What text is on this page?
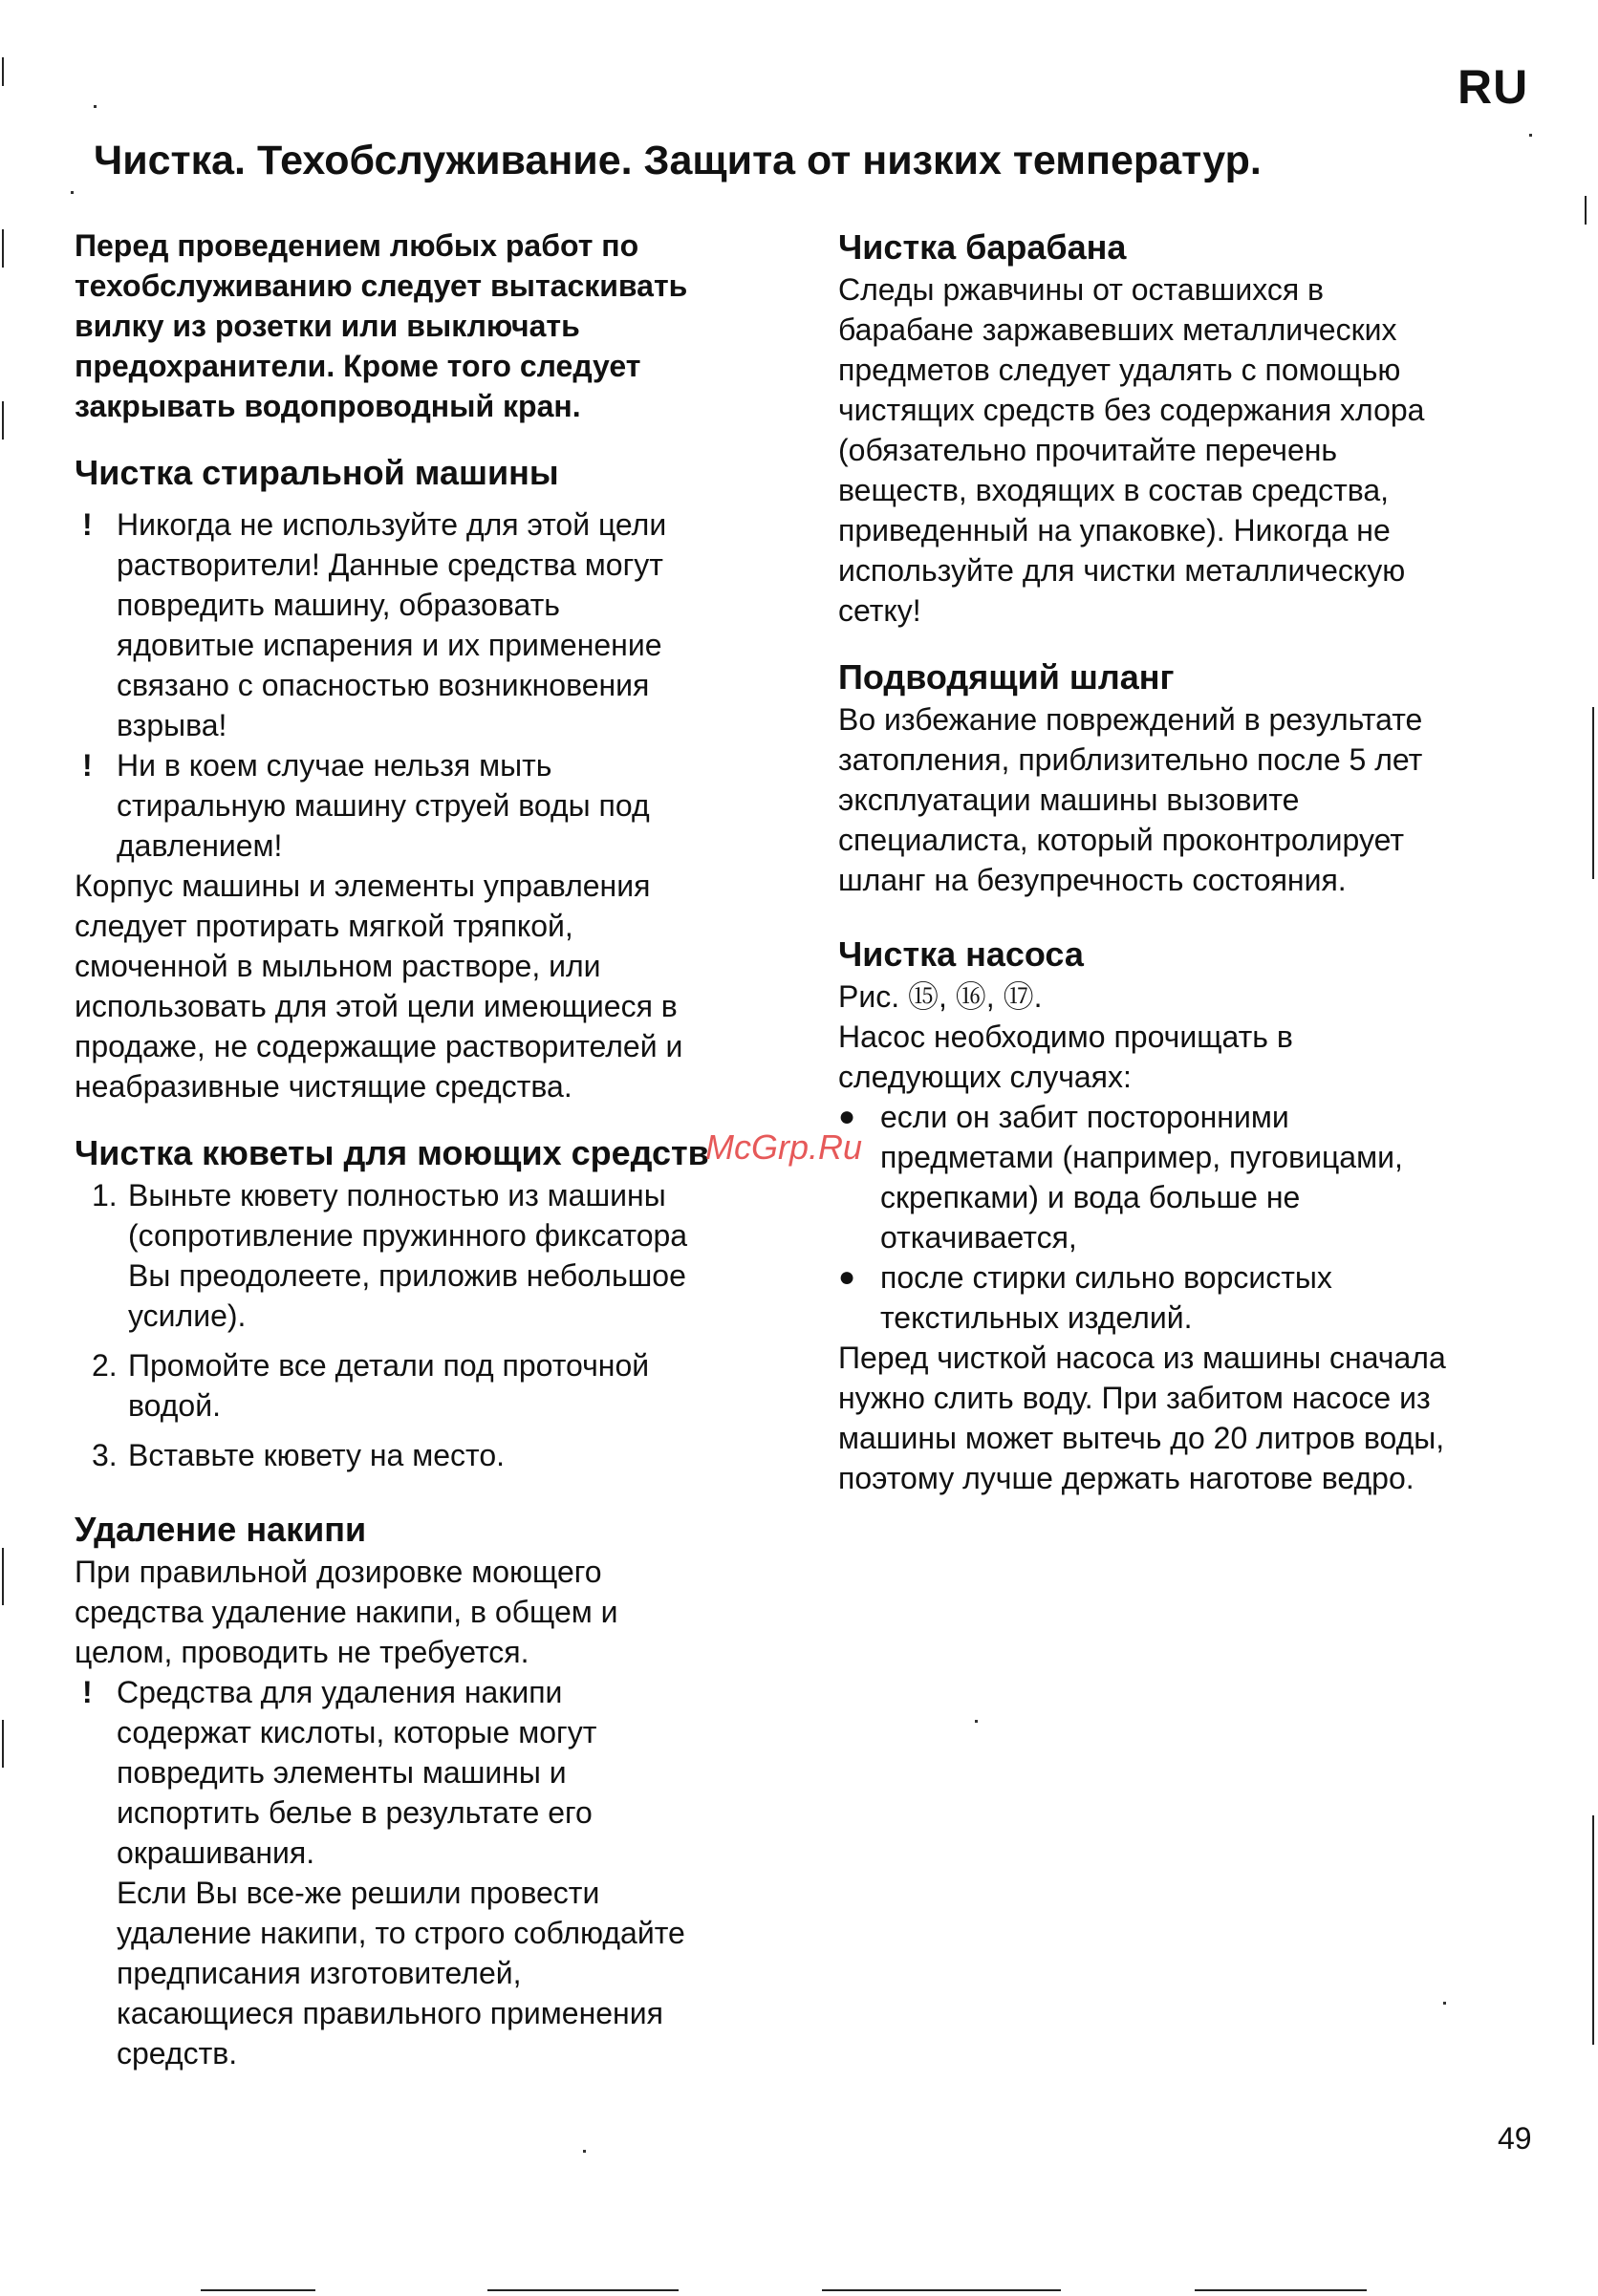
RU
Чистка. Техобслуживание. Защита от низких температур.

Перед проведением любых работ по

техобслуживанию следует вытаскивать

вилку из розетки или выключать

предохранители. Кроме того следует

закрывать водопроводный кран.

Чистка стиральной машины
! Никогда не используйте для этой цели

растворители! Данные средства могут

повредить машину, образовать

ядовитые испарения и их применение

связано с опасностью возникновения

взрыва!

! Ни в коем случае нельзя мыть

стиральную машину струей воды под

давлением!

Корпус машины и элементы управления

следует протирать мягкой тряпкой,

смоченной в мыльном растворе, или

использовать для этой цели имеющиеся в

продаже, не содержащие растворителей и

неабразивные чистящие средства.

Чистка кюветы для моющих средств
1. Выньте кювету полностью из машины

(сопротивление пружинного фиксатора

Вы преодолеете, приложив небольшое

усилие).

2. Промойте все детали под проточной

водой.

3. Вставьте кювету на место.

Удаление накипи

При правильной дозировке моющего

средства удаление накипи, в общем и

целом, проводить не требуется.

! Средства для удаления накипи

содержат кислоты, которые могут

повредить элементы машины и

испортить белье в результате его

окрашивания.

Если Вы все-же решили провести

удаление накипи, то строго соблюдайте

предписания изготовителей,

касающиеся правильного применения

средств.

Чистка барабана

Следы ржавчины от оставшихся в

барабане заржавевших металлических

предметов следует удалять с помощью

чистящих средств без содержания хлора

(обязательно прочитайте перечень

веществ, входящих в состав средства,

приведенный на упаковке). Никогда не

используйте для чистки металлическую

сетку!

Подводящий шланг

Во избежание повреждений в результате

затопления, приблизительно после 5 лет

эксплуатации машины вызовите

специалиста, который проконтролирует

шланг на безупречность состояния.

Чистка насоса

Рис. ⑮, ⑯, ⑰.

Насос необходимо прочищать в

следующих случаях:

● если он забит посторонними

предметами (например, пуговицами,

скрепками) и вода больше не

откачивается,

● после стирки сильно ворсистых

текстильных изделий.

Перед чисткой насоса из машины сначала

нужно слить воду. При забитом насосе из

машины может вытечь до 20 литров воды,

поэтому лучше держать наготове ведро.

McGrp.Ru
49
